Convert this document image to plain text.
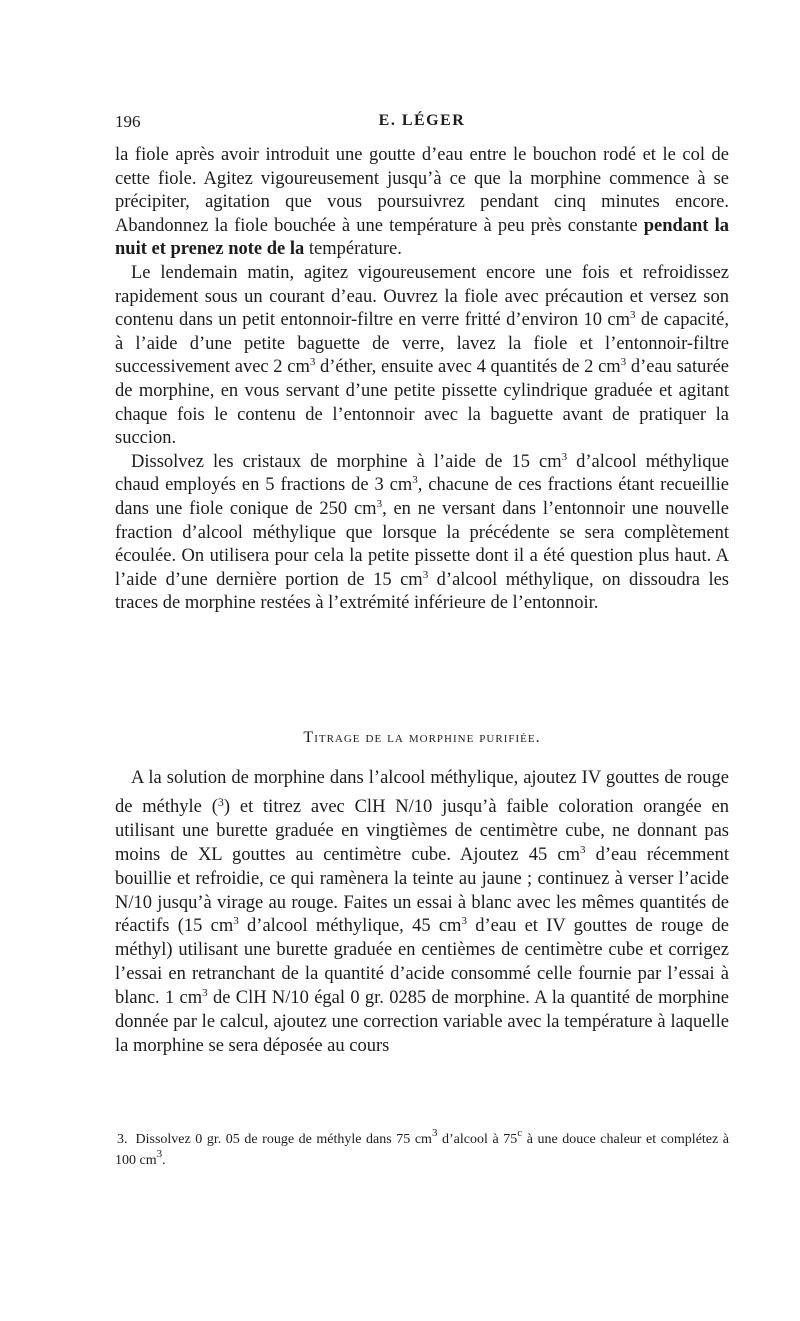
196	E. LÉGER

la fiole après avoir introduit une goutte d’eau entre le bouchon rodé et le col de cette fiole. Agitez vigoureusement jusqu’à ce que la morphine commence à se précipiter, agitation que vous poursuivrez pendant cinq minutes encore. Abandonnez la fiole bouchée à une température à peu près constante pendant la nuit et prenez note de la température.

Le lendemain matin, agitez vigoureusement encore une fois et refroidissez rapidement sous un courant d’eau. Ouvrez la fiole avec précaution et versez son contenu dans un petit entonnoir-filtre en verre fritté d’environ 10 $cm^3$ de capacité, à l’aide d’une petite baguette de verre, lavez la fiole et l’entonnoir-filtre successivement avec 2 $cm^3$ d’éther, ensuite avec 4 quantités de 2 $cm^3$ d’eau saturée de morphine, en vous servant d’une petite pissette cylindrique graduée et agitant chaque fois le contenu de l’entonnoir avec la baguette avant de pratiquer la succion.

Dissolvez les cristaux de morphine à l’aide de 15 $cm^3$ d’alcool méthylique chaud employés en 5 fractions de 3 $cm^3$, chacune de ces fractions étant recueillie dans une fiole conique de 250 $cm^3$, en ne versant dans l’entonnoir une nouvelle fraction d’alcool méthylique que lorsque la précédente se sera complètement écoulée. On utilisera pour cela la petite pissette dont il a été question plus haut. A l’aide d’une dernière portion de 15 $cm^3$ d’alcool méthylique, on dissoudra les traces de morphine restées à l’extrémité inférieure de l’entonnoir.

Titrage de la morphine purifiée.

A la solution de morphine dans l’alcool méthylique, ajoutez IV gouttes de rouge de méthyle ($^3$) et titrez avec ClH N/10 jusqu’à faible coloration orangée en utilisant une burette graduée en vingtièmes de centimètre cube, ne donnant pas moins de XL gouttes au centimètre cube. Ajoutez 45 $cm^3$ d’eau récemment bouillie et refroidie, ce qui ramènera la teinte au jaune ; continuez à verser l’acide N/10 jusqu’à virage au rouge. Faites un essai à blanc avec les mêmes quantités de réactifs (15 $cm^3$ d’alcool méthylique, 45 $cm^3$ d’eau et IV gouttes de rouge de méthyl) utilisant une burette graduée en centièmes de centimètre cube et corrigez l’essai en retranchant de la quantité d’acide consommé celle fournie par l’essai à blanc. 1 $cm^3$ de ClH N/10 égal 0 gr. 0285 de morphine. A la quantité de morphine donnée par le calcul, ajoutez une correction variable avec la température à laquelle la morphine se sera déposée au cours

3. Dissolvez 0 gr. 05 de rouge de méthyle dans 75 $cm^3$ d’alcool à 75$^c$ à une douce chaleur et complétez à 100 $cm^3$.
